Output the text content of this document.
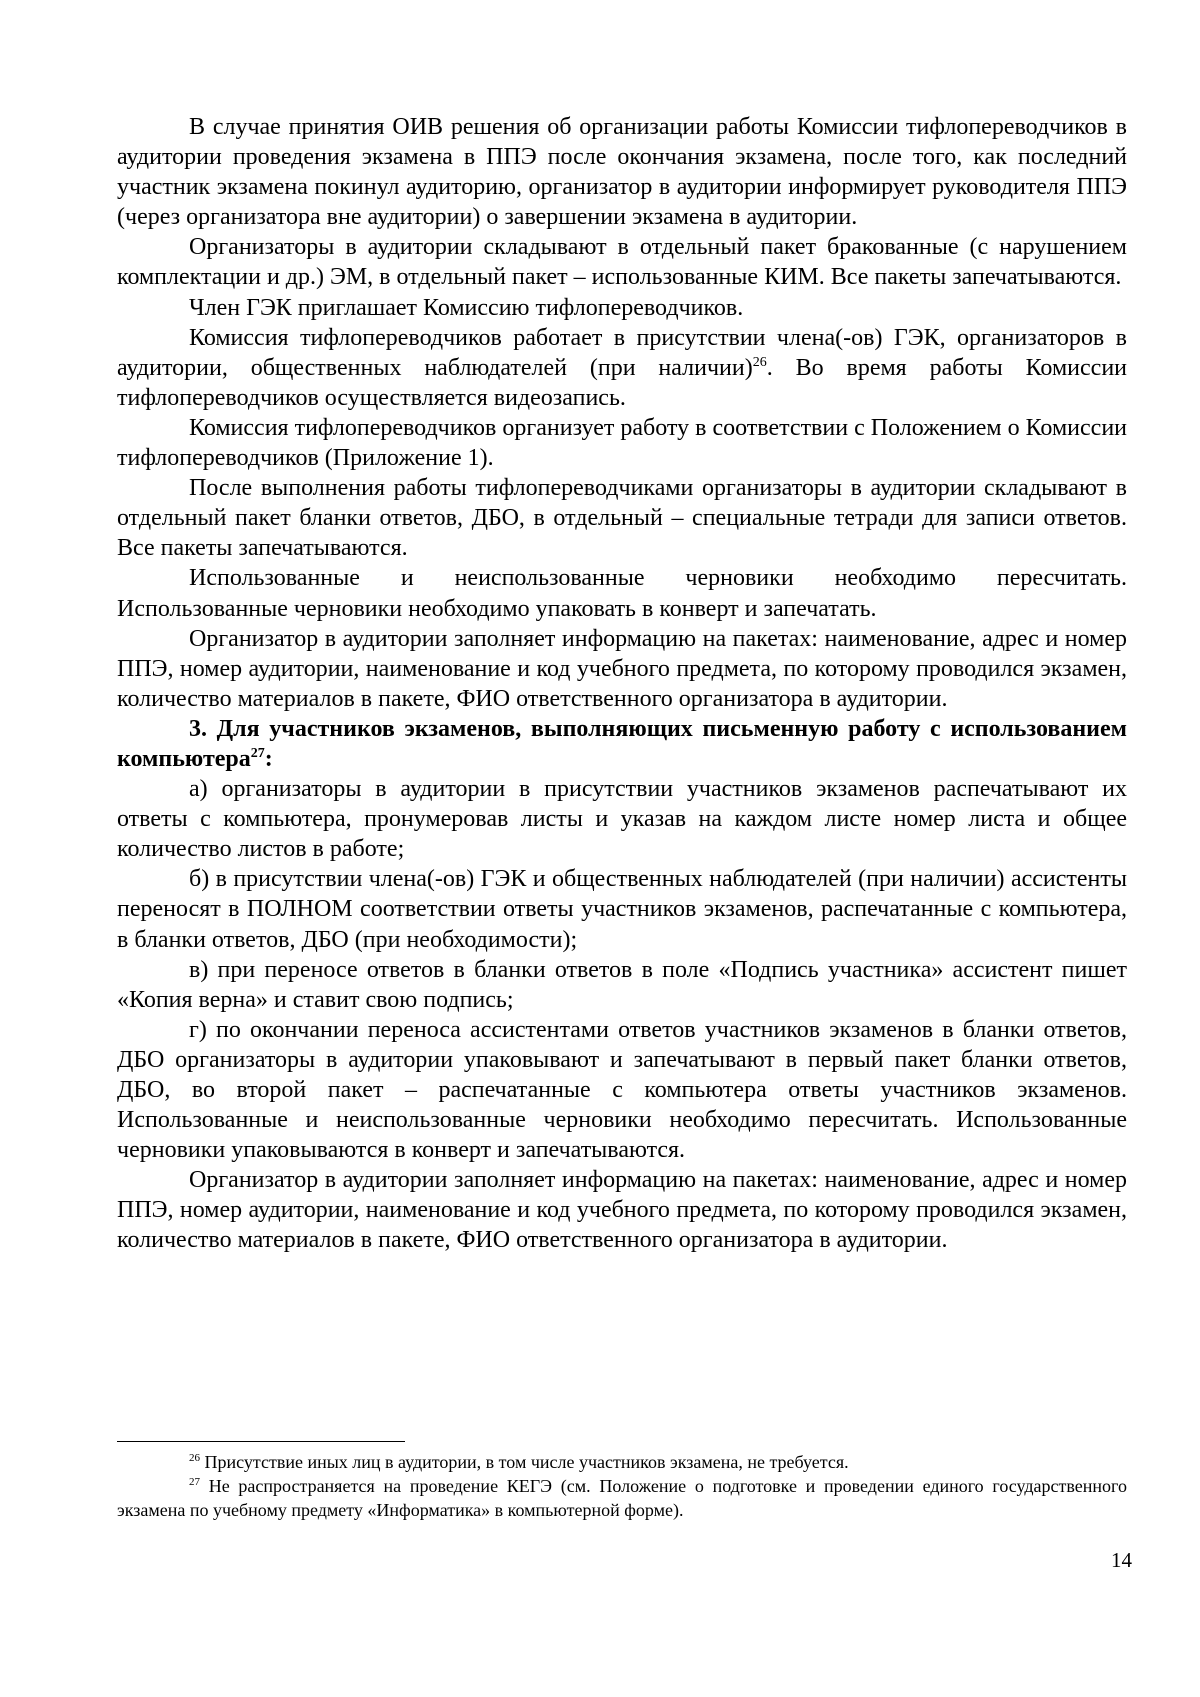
В случае принятия ОИВ решения об организации работы Комиссии тифлопереводчиков в аудитории проведения экзамена в ППЭ после окончания экзамена, после того, как последний участник экзамена покинул аудиторию, организатор в аудитории информирует руководителя ППЭ (через организатора вне аудитории) о завершении экзамена в аудитории.

Организаторы в аудитории складывают в отдельный пакет бракованные (с нарушением комплектации и др.) ЭМ, в отдельный пакет – использованные КИМ. Все пакеты запечатываются.

Член ГЭК приглашает Комиссию тифлопереводчиков.

Комиссия тифлопереводчиков работает в присутствии члена(-ов) ГЭК, организаторов в аудитории, общественных наблюдателей (при наличии)$^{26}$. Во время работы Комиссии тифлопереводчиков осуществляется видеозапись.

Комиссия тифлопереводчиков организует работу в соответствии с Положением о Комиссии тифлопереводчиков (Приложение 1).

После выполнения работы тифлопереводчиками организаторы в аудитории складывают в отдельный пакет бланки ответов, ДБО, в отдельный – специальные тетради для записи ответов. Все пакеты запечатываются.

Использованные и неиспользованные черновики необходимо пересчитать. Использованные черновики необходимо упаковать в конверт и запечатать.

Организатор в аудитории заполняет информацию на пакетах: наименование, адрес и номер ППЭ, номер аудитории, наименование и код учебного предмета, по которому проводился экзамен, количество материалов в пакете, ФИО ответственного организатора в аудитории.

3. Для участников экзаменов, выполняющих письменную работу с использованием компьютера$^{27}$:

а) организаторы в аудитории в присутствии участников экзаменов распечатывают их ответы с компьютера, пронумеровав листы и указав на каждом листе номер листа и общее количество листов в работе;

б) в присутствии члена(-ов) ГЭК и общественных наблюдателей (при наличии) ассистенты переносят в ПОЛНОМ соответствии ответы участников экзаменов, распечатанные с компьютера, в бланки ответов, ДБО (при необходимости);

в) при переносе ответов в бланки ответов в поле «Подпись участника» ассистент пишет «Копия верна» и ставит свою подпись;

г) по окончании переноса ассистентами ответов участников экзаменов в бланки ответов, ДБО организаторы в аудитории упаковывают и запечатывают в первый пакет бланки ответов, ДБО, во второй пакет – распечатанные с компьютера ответы участников экзаменов. Использованные и неиспользованные черновики необходимо пересчитать. Использованные черновики упаковываются в конверт и запечатываются.

Организатор в аудитории заполняет информацию на пакетах: наименование, адрес и номер ППЭ, номер аудитории, наименование и код учебного предмета, по которому проводился экзамен, количество материалов в пакете, ФИО ответственного организатора в аудитории.

$^{26}$ Присутствие иных лиц в аудитории, в том числе участников экзамена, не требуется.

$^{27}$ Не распространяется на проведение КЕГЭ (см. Положение о подготовке и проведении единого государственного экзамена по учебному предмету «Информатика» в компьютерной форме).

14
